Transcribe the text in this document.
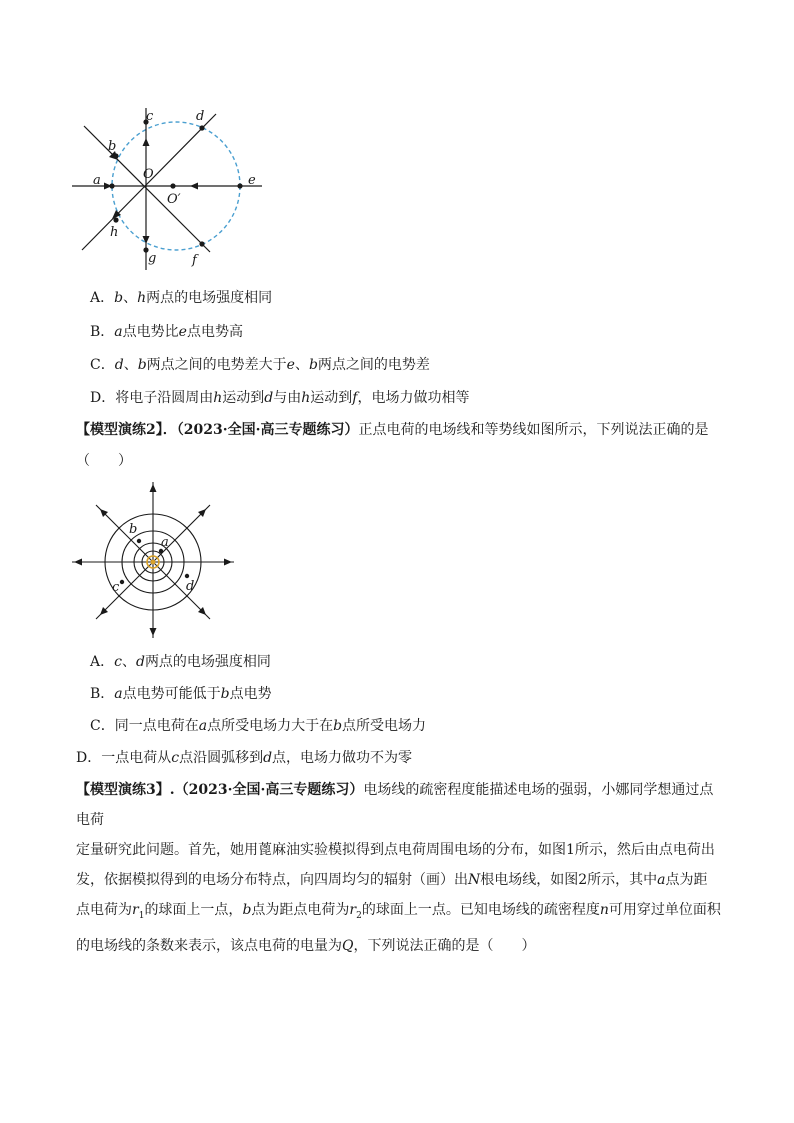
a	e
c	d
b
h
g	f
O
O′
A．b、h两点的电场强度相同
B．a点电势比e点电势高
C．d、b两点之间的电势差大于e、b两点之间的电势差
D．将电子沿圆周由h运动到d与由h运动到f，电场力做功相等
【模型演练2】．（2023·全国·高三专题练习）正点电荷的电场线和等势线如图所示，下列说法正确的是
（　　）
b
a
c	d
A．c、d两点的电场强度相同
B．a点电势可能低于b点电势
C．同一点电荷在a点所受电场力大于在b点所受电场力
D．一点电荷从c点沿圆弧移到d点，电场力做功不为零
【模型演练3】.（2023·全国·高三专题练习）电场线的疏密程度能描述电场的强弱，小娜同学想通过点电荷
定量研究此问题。首先，她用蓖麻油实验模拟得到点电荷周围电场的分布，如图1所示，然后由点电荷出
发，依据模拟得到的电场分布特点，向四周均匀的辐射（画）出N根电场线，如图2所示，其中a点为距
点电荷为$r_1$的球面上一点，b点为距点电荷为$r_2$的球面上一点。已知电场线的疏密程度n可用穿过单位面积
的电场线的条数来表示，该点电荷的电量为Q，下列说法正确的是（　　）
